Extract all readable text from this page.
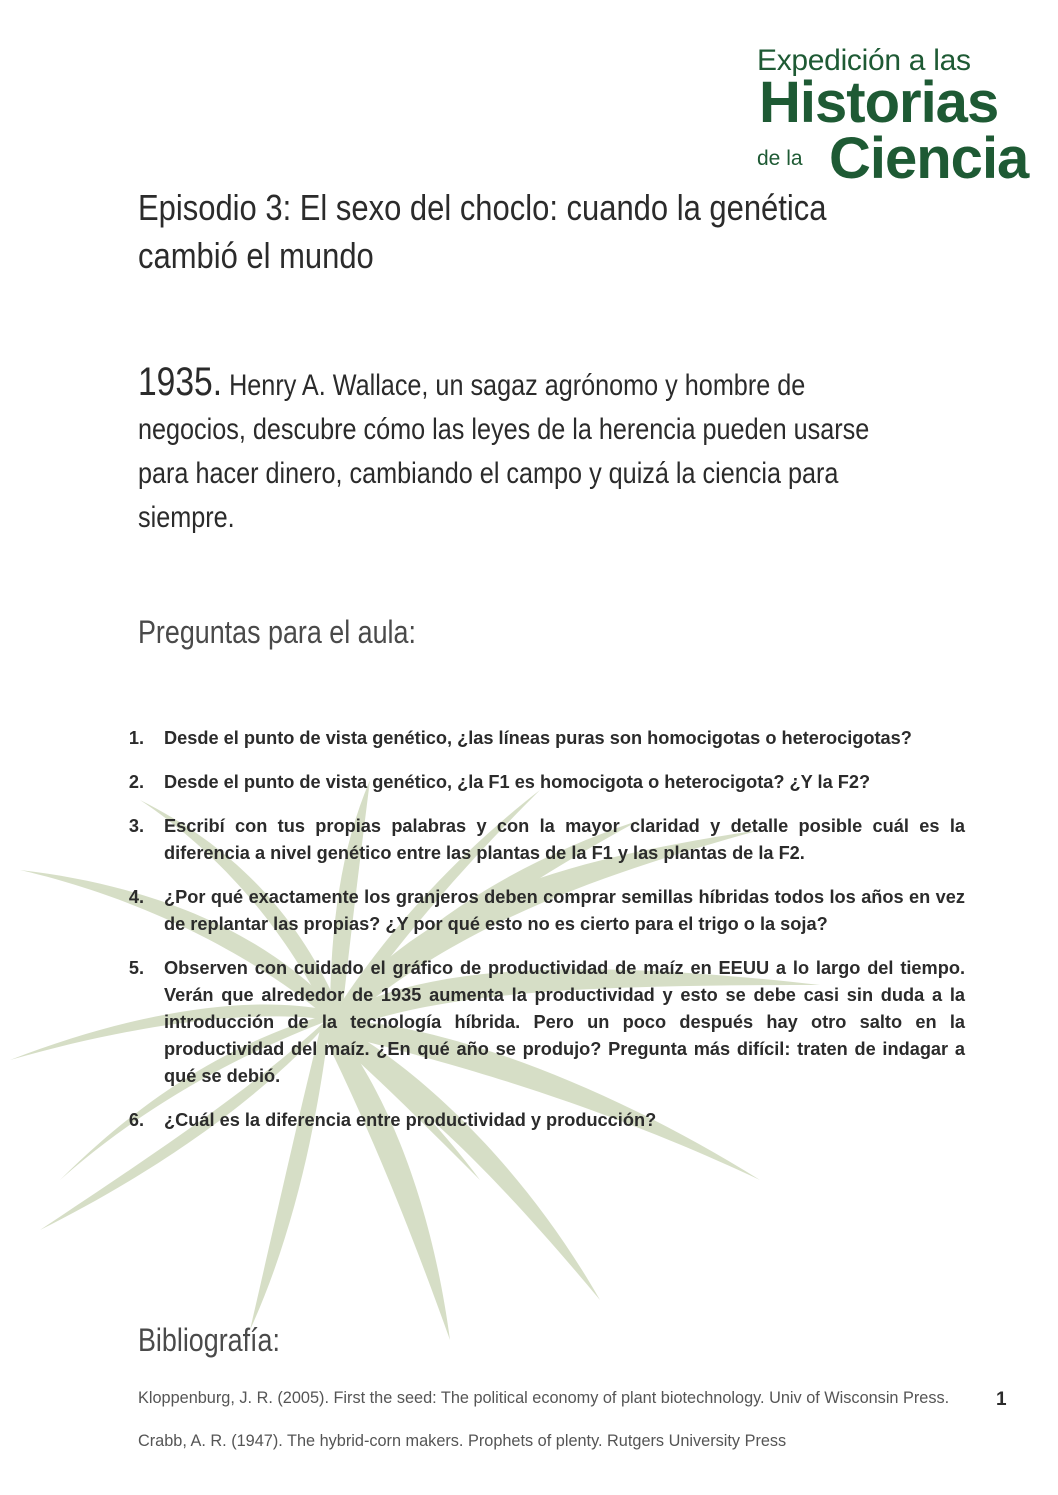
Expedición a las
Historias
de la Ciencia
Episodio 3: El sexo del choclo: cuando la genética cambió el mundo
1935. Henry A. Wallace, un sagaz agrónomo y hombre de negocios, descubre cómo las leyes de la herencia pueden usarse para hacer dinero, cambiando el campo y quizá la ciencia para siempre.
Preguntas para el aula:
1. Desde el punto de vista genético, ¿las líneas puras son homocigotas o heterocigotas?
2. Desde el punto de vista genético, ¿la F1 es homocigota o heterocigota? ¿Y la F2?
3. Escribí con tus propias palabras y con la mayor claridad y detalle posible cuál es la diferencia a nivel genético entre las plantas de la F1 y las plantas de la F2.
4. ¿Por qué exactamente los granjeros deben comprar semillas híbridas todos los años en vez de replantar las propias? ¿Y por qué esto no es cierto para el trigo o la soja?
5. Observen con cuidado el gráfico de productividad de maíz en EEUU a lo largo del tiempo. Verán que alrededor de 1935 aumenta la productividad y esto se debe casi sin duda a la introducción de la tecnología híbrida. Pero un poco después hay otro salto en la productividad del maíz. ¿En qué año se produjo? Pregunta más difícil: traten de indagar a qué se debió.
6. ¿Cuál es la diferencia entre productividad y producción?
Bibliografía:
Kloppenburg, J. R. (2005). First the seed: The political economy of plant biotechnology. Univ of Wisconsin Press.
Crabb, A. R. (1947). The hybrid-corn makers. Prophets of plenty. Rutgers University Press
1
